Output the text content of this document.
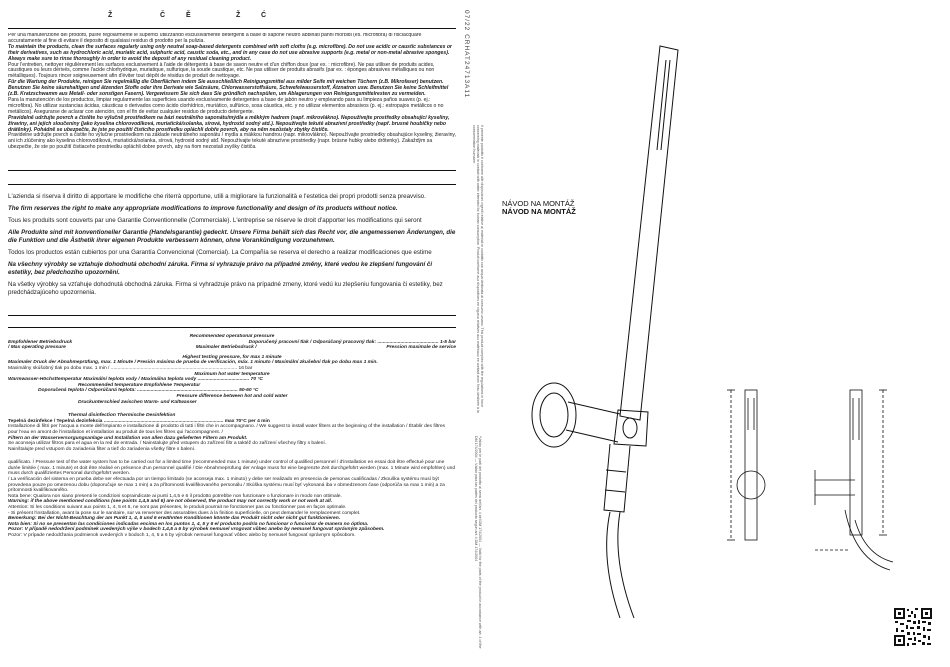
Ž	Č	Ě	Ž	Ć

Per una manutenzione dei prodotti, pulire regolarmente le superfici utilizzando esclusivamente detergenti a base di sapone neutro abbinati panni morbidi (es. microfibra) di risciacquare accuratamente al fine di evitare il deposito di qualsiasi residuo di prodotto per la pulizia.

To maintain the products, clean the surfaces regularly using only neutral soap-based detergents combined with soft cloths (e.g. microfibre). Do not use acidic or caustic substances or their derivatives, such as hydrochloric acid, muriatic acid, sulphuric acid, caustic soda, etc., and in any case do not use abrasive supports (e.g. metal or non-metal abrasive sponges). Always make sure to rinse thoroughly in order to avoid the deposit of any residual cleaning product.

Pour l'entretien, nettoyer régulièrement les surfaces exclusivement à l'aide de détergents à base de savon neutre et d'un chiffon doux (par ex. : microfibre). Ne pas utiliser de produits acides, caustiques ou leurs dérivés, comme l'acide chlorhydrique, muriatique, sulfurique, la soude caustique, etc. Ne pas utiliser de produits abrasifs (par ex. : éponges abrasives métalliques ou non métalliques). Toujours rincer soigneusement afin d'éviter tout dépôt de résidus de produit de nettoyage.

Für die Wartung der Produkte, reinigen Sie regelmäßig die Oberflächen indem Sie ausschließlich Reinigungsmittel aus milder Seife mit weichen Tüchern (z.B. Mikrofaser) benutzen. Benutzen Sie keine säurehaltigen und ätzenden Stoffe oder ihre Derivate wie Salzsäure, Chlorwasserstoffsäure, Schwefelwasserstoff, Ätznatron usw. Benutzen Sie keine Schleifmittel (z.B. Kratzschwamm aus Metall- oder sonstigen Fasern). Vergewissern Sie sich dass Sie gründlich nachspülen, um Ablagerungen von Reinigungsmittelresten zu vermeiden.

Para la manutención de los productos, limpiar regularmente las superficies usando exclusivamente detergentes a base de jabón neutro y empleando para su limpieza paños suaves (p. ej.: microfibra). No utilizar sustancias ácidas, cáusticas o derivados como ácido clorhídrico, muriático, sulfúrico, sosa cáustica, etc. y no utilizar elementos abrasivos (p. ej.: estropajos metálicos o no metálicos). Asegurarse de aclarar con atención, con el fin de evitar cualquier residuo de producto detergente.

Pravidelně udržujte povrch a čistěte ho výlučně prostředkem na bázi neutrálního saponátu/mýdla a měkkým hadrem (např. mikrovlákno). Nepoužívejte prostředky obsahující kyseliny, žíraviny, ani jejich sloučeniny (jako kyselina chlorovodíková, muriatická/solanka, sírová, hydroxid sodný atd.). Nepoužívejte tekuté abrazivní prostředky (např. brusné houbičky nebo drátěnky). Pohádně se ubezpečte, že jste po použití čisticího prostředku opláchli dobře povrch, aby na něm nezůstaly zbytky čističe.

Pravidelne udržujte povrch a čistite ho výlučne prostriedkom na základe neutrálneho saponátu / mydla a mäkkou handrou (napr. mikrovlákno). Nepoužívajte prostriedky obsahujúce kyseliny, žieraviny, ani ich zlúčeniny ako kyselina chlorovodíková, muriatická/solanka, sírová, hydroxid sodný atď. Nepoužívajte tekuté abrazívne prostriedky (napr. brúsne hubky alebo drôtenky). Zakaždým sa ubezpečte, že ste po použití čistiaceho prostriedku opláchli dobre povrch, aby na ňom nezostali zvyšky čističa.

L'azienda si riserva il diritto di apportare le modifiche che riterrà opportune, utili a migliorare la funzionalità e l'estetica dei propri prodotti senza preavviso.

The firm reserves the right to make any appropriate modifications to improve functionality and design of its products without notice.

Tous les produits sont couverts par une Garantie Conventionnelle (Commerciale). L'entreprise se réserve le droit d'apporter les modifications qui seront

Alle Produkte sind mit konventioneller Garantie (Handelsgarantie) gedeckt. Unsere Firma behält sich das Recht vor, die angemessenen Änderungen, die die Funktion und die Ästhetik ihrer eigenen Produkte verbessern können, ohne Vorankündigung vorzunehmen.

Todos los productos están cubiertos por una Garantía Convencional (Comercial). La Compañía se reserva el derecho a realizar modificaciones que estime

Na všechny výrobky se vztahuje dohodnutá obchodní záruka. Firma si vyhrazuje právo na případné změny, které vedou ke zlepšení fungování či estetiky, bez předchozího upozornění.

Na všetky výrobky sa vzťahuje dohodnutá obchodná záruka. Firma si vyhradzuje právo na prípadné zmeny, ktoré vedú ku zlepšeniu fungovania či estetiky, bez predchádzajúceho upozornenia.

Recommended operational pressure

Empfohlener Betriebsdruck	Doporučený pracovní tlak / Odporúčaný pracovný tlak: ............................................. 1-5 bar
/ Max operating pressure	Maximaler Betriebsdruck /	Pression maximale de service

Highest testing pressure, for max 1 minute

Maximaler Druck der Abnahmeprüfung, max. 1 Minute / Presión máxima de prueba de verificación, máx. 1 minuto / Maximální zkušební tlak po dobu max 1 min.

Maximálny skúšobný tlak po dobu max. 1 min / ............................................................................................. 16 bar

Maximum hot water temperature

Warmwasser-Höchsttemperatur Maximální teplota vody / Maximálna teplota vody ...................................... 70 °C

Recommended temperature Empfohlene Temperatur

Doporučená teplota / Odporúčaná teplota: .......................................................................... 50-60 °C

Pressure difference between hot and cold water

Druckunterschied zwischen Warm- und Kaltwasser

Thermal disinfection Thermische Desinfektion

Tepelná dezinfekce / Tepelná dezinfekcia ........................................................................................ max 70°C per 4 min

Installazione di filtri per l'acqua a monte dell'impianto e installazione di prodotto di tutti i filtri che in accompagnano. / We suggest to install water filters at the beginning of the installation / Établir des filtres pour l'eau en amont de l'installation et installation au produit de tous les filtres qui l'accompagnent. /

Filtern an der Wasserversorgungsanlage und Installation von allen dazu gelieferten Filtern am Produkt.

Se aconseja utilizar filtros para el agua en la red de entrada. / Nainstalujte před vstupem do zařízení filtr a taktéž do zařízení všechny filtry s balení.

Nainštalujte pred vstupom do zariadenia filter a tiež do zariadenia všetky filtre s balení.

qualificato. / Pressure test of the water system has to be carried out for a limited time (recommended max 1 minute) under control of qualified personnel / d'installation en essai doit être effectué pour une durée limitée ( max. 1 minute) et doit être réalisé en présence d'un personnel qualifié / Die Abnahmeprüfung der Anlage muss für eine begrenzte Zeit durchgeführt werden (max. 1 Minute wird empfohlen) und muss durch qualifiziertes Personal durchgeführt werden.

/ La verificación del sistema en prueba debe ser efectuada por un tiempo limitado (se aconseja max. 1 minuto) y debe ser realizado en presencia de personas cualificadas / Zkouška systému musí být provedena pouze po omezenou dobu (doporučuje se max 1 min) a za přítomnosti kvalifikovaného personálu / Skúška systému musí byť vykonaná iba v obmedzenom čase (odporúča sa max 1 min) a za prítomnosti kvalifikovaného.

Nota bene: Qualora non siano presenti le condizioni sopraindicate ai punti 1,4,5 e 6 il prodotto potrebbe non funzionare o funzionare in modo non ottimale.

Warning: if the above mentioned conditions (see points 1,4,5 and 6) are not observed, the product may not correctly work or not work at all.

Attention: Si les conditions suivant aux points 1, 4, 5 et 6, ne sont pas présentes, le produit pourrait ne fonctionner pas ou fonctionner pas en façon optimale.

- Si présent l'installation, avant la pose sur le sanitaire, sur va renverser des assurables dues à la finition superficielle, on peut demander le remplacement complet.

Bemerkung: Bei der Nicht-Beachtung der am Punkt 1, 4, 5 und 6 erwähnten Konditionen könnte das Produkt nicht oder nicht gut funktionieren.

Nota bien: Si no se presentan las condiciones indicadas encima en los puntos 1, 4, 5 y 6 el producto podría no funcionar o funcionar de manera no óptima.

Pozor: V případě nedodržení podmínek uvedených výše v bodech 1,4,5 a 6 by výrobek nemusel vrogovat vůbec anebo by nemusel fungovat správným způsobem.

Pozor: V prípade nedodržania podmienok uvedených v bodoch 1, 4, 5 a 6 by výrobok nemusel fungovať vôbec alebo by nemusel fungovať správnym spôsobom.

07/22 CRHAT24713A11
Il presente prodotto è conforme alle disposizioni vigenti relative ai materiali in contatto con acqua destinata al consumo umano. This product complies with the regulations in force concerning materials in contact with water intended for human consumption. Produit conforme aux dispositions en vigueur relatives aux matériaux en contact avec l'eau destinée à la consommation humaine.
*Valido per le parti del prodotto ai sensi dell'art. 4 del DM 174/2004 — Valid for the parts of the product in accordance with art. 4 of the DM 174/2004 — Válido para las partes del producto según art. 4 DM 174/2004
NÁVOD NA MONTÁŽ
NÁVOD NA MONTÁŽ
